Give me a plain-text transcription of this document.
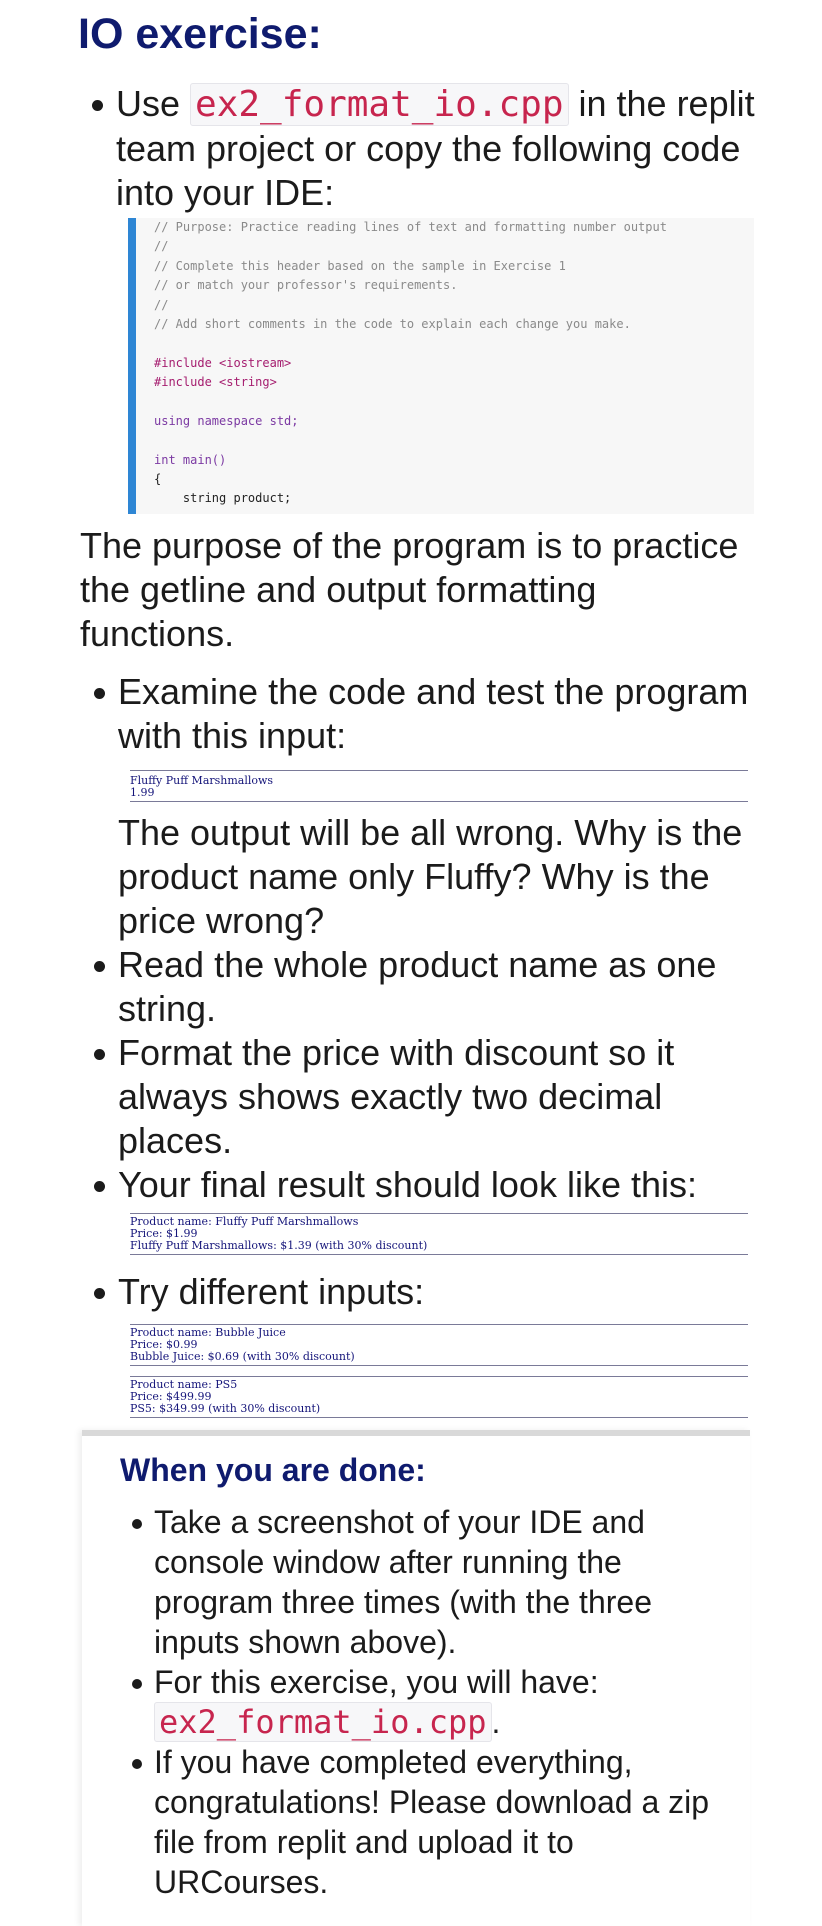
IO exercise:
Use ex2_format_io.cpp in the replit team project or copy the following code into your IDE:
// Purpose: Practice reading lines of text and formatting number output
//
// Complete this header based on the sample in Exercise 1
// or match your professor's requirements.
//
// Add short comments in the code to explain each change you make.
#include <iostream>
#include <string>
using namespace std;
int main()
{
string product;

The purpose of the program is to practice the getline and output formatting functions.

Examine the code and test the program with this input:
Fluffy Puff Marshmallows
1.99
The output will be all wrong. Why is the product name only Fluffy? Why is the price wrong?
Read the whole product name as one string.
Format the price with discount so it always shows exactly two decimal places.
Your final result should look like this:
Product name: Fluffy Puff Marshmallows
Price: $1.99
Fluffy Puff Marshmallows: $1.39 (with 30% discount)
Try different inputs:
Product name: Bubble Juice
Price: $0.99
Bubble Juice: $0.69 (with 30% discount)
Product name: PS5
Price: $499.99
PS5: $349.99 (with 30% discount)
When you are done:
Take a screenshot of your IDE and console window after running the program three times (with the three inputs shown above).
For this exercise, you will have: ex2_format_io.cpp .
If you have completed everything, congratulations! Please download a zip file from replit and upload it to URCourses.
